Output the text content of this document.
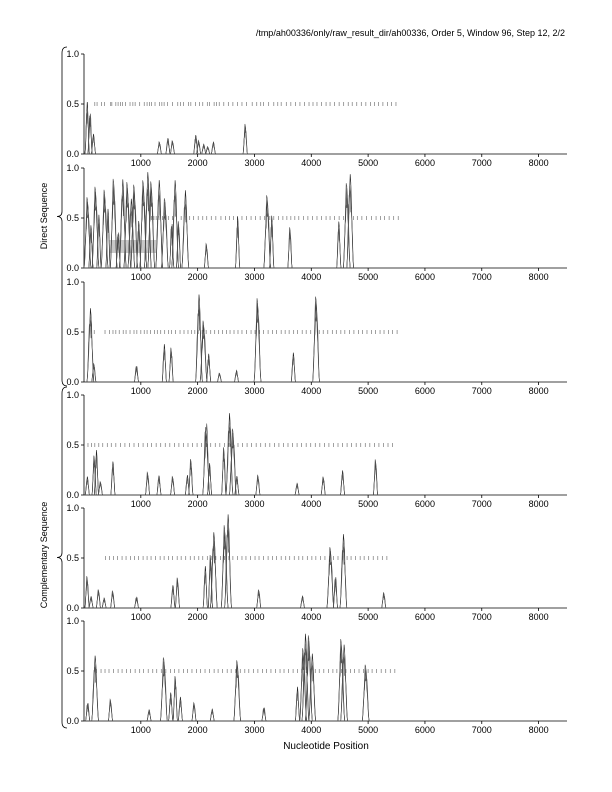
/tmp/ah00336/only/raw_result_dir/ah00336, Order 5, Window 96, Step 12, 2/2
Direct Sequence
Complementary Sequence
0.0
0.5
1.0
1000	2000	3000	4000	5000	6000	7000	8000
0.0
0.5
1.0
1000	2000	3000	4000	5000	6000	7000	8000
0.0
0.5
1.0
1000	2000	3000	4000	5000	6000	7000	8000
0.0
0.5
1.0
1000	2000	3000	4000	5000	6000	7000	8000
0.0
0.5
1.0
1000	2000	3000	4000	5000	6000	7000	8000
0.0
0.5
1.0
1000	2000	3000	4000	5000	6000	7000	8000
Nucleotide Position
